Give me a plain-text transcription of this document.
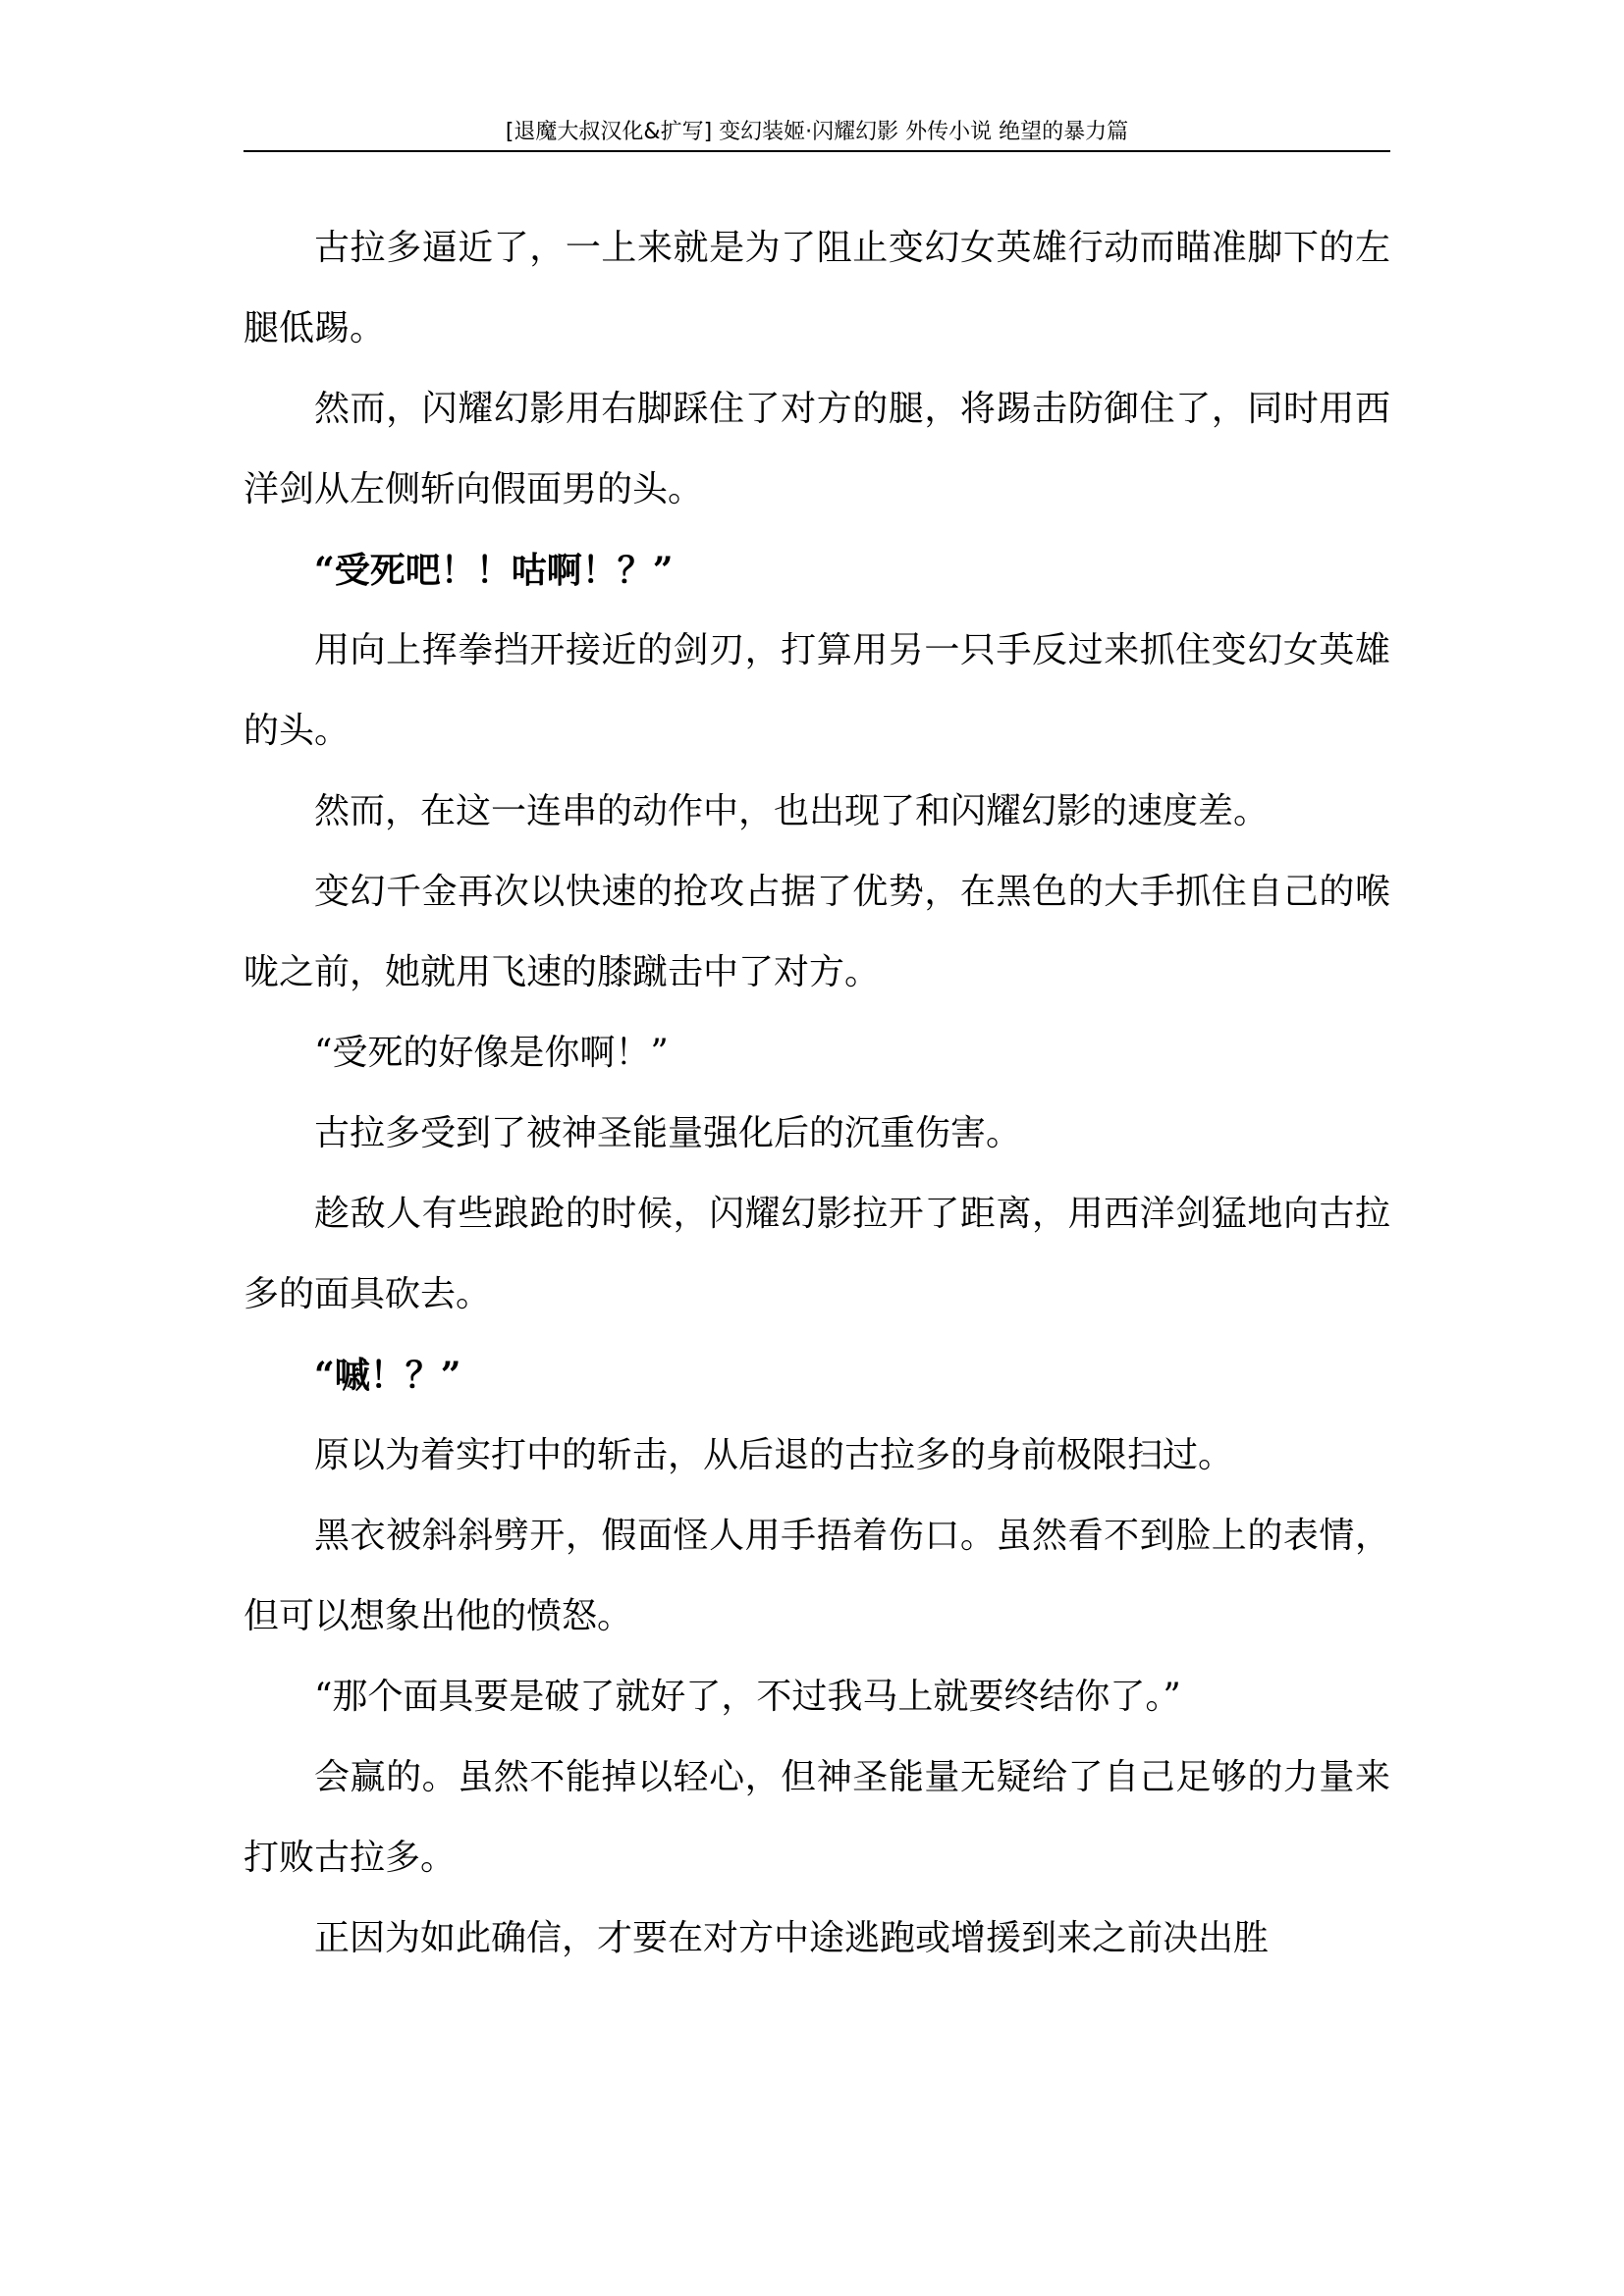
[退魔大叔汉化&扩写] 变幻装姬·闪耀幻影 外传小说 绝望的暴力篇

古拉多逼近了，一上来就是为了阻止变幻女英雄行动而瞄准脚下的左腿低踢。

然而，闪耀幻影用右脚踩住了对方的腿，将踢击防御住了，同时用西洋剑从左侧斩向假面男的头。

“受死吧！！咕啊！？”

用向上挥拳挡开接近的剑刃，打算用另一只手反过来抓住变幻女英雄的头。

然而，在这一连串的动作中，也出现了和闪耀幻影的速度差。

变幻千金再次以快速的抢攻占据了优势，在黑色的大手抓住自己的喉咙之前，她就用飞速的膝蹴击中了对方。

“受死的好像是你啊！”

古拉多受到了被神圣能量强化后的沉重伤害。

趁敌人有些踉跄的时候，闪耀幻影拉开了距离，用西洋剑猛地向古拉多的面具砍去。

“嘁！？”

原以为着实打中的斩击，从后退的古拉多的身前极限扫过。

黑衣被斜斜劈开，假面怪人用手捂着伤口。虽然看不到脸上的表情，但可以想象出他的愤怒。

“那个面具要是破了就好了，不过我马上就要终结你了。”

会赢的。虽然不能掉以轻心，但神圣能量无疑给了自己足够的力量来打败古拉多。

正因为如此确信，才要在对方中途逃跑或增援到来之前决出胜
